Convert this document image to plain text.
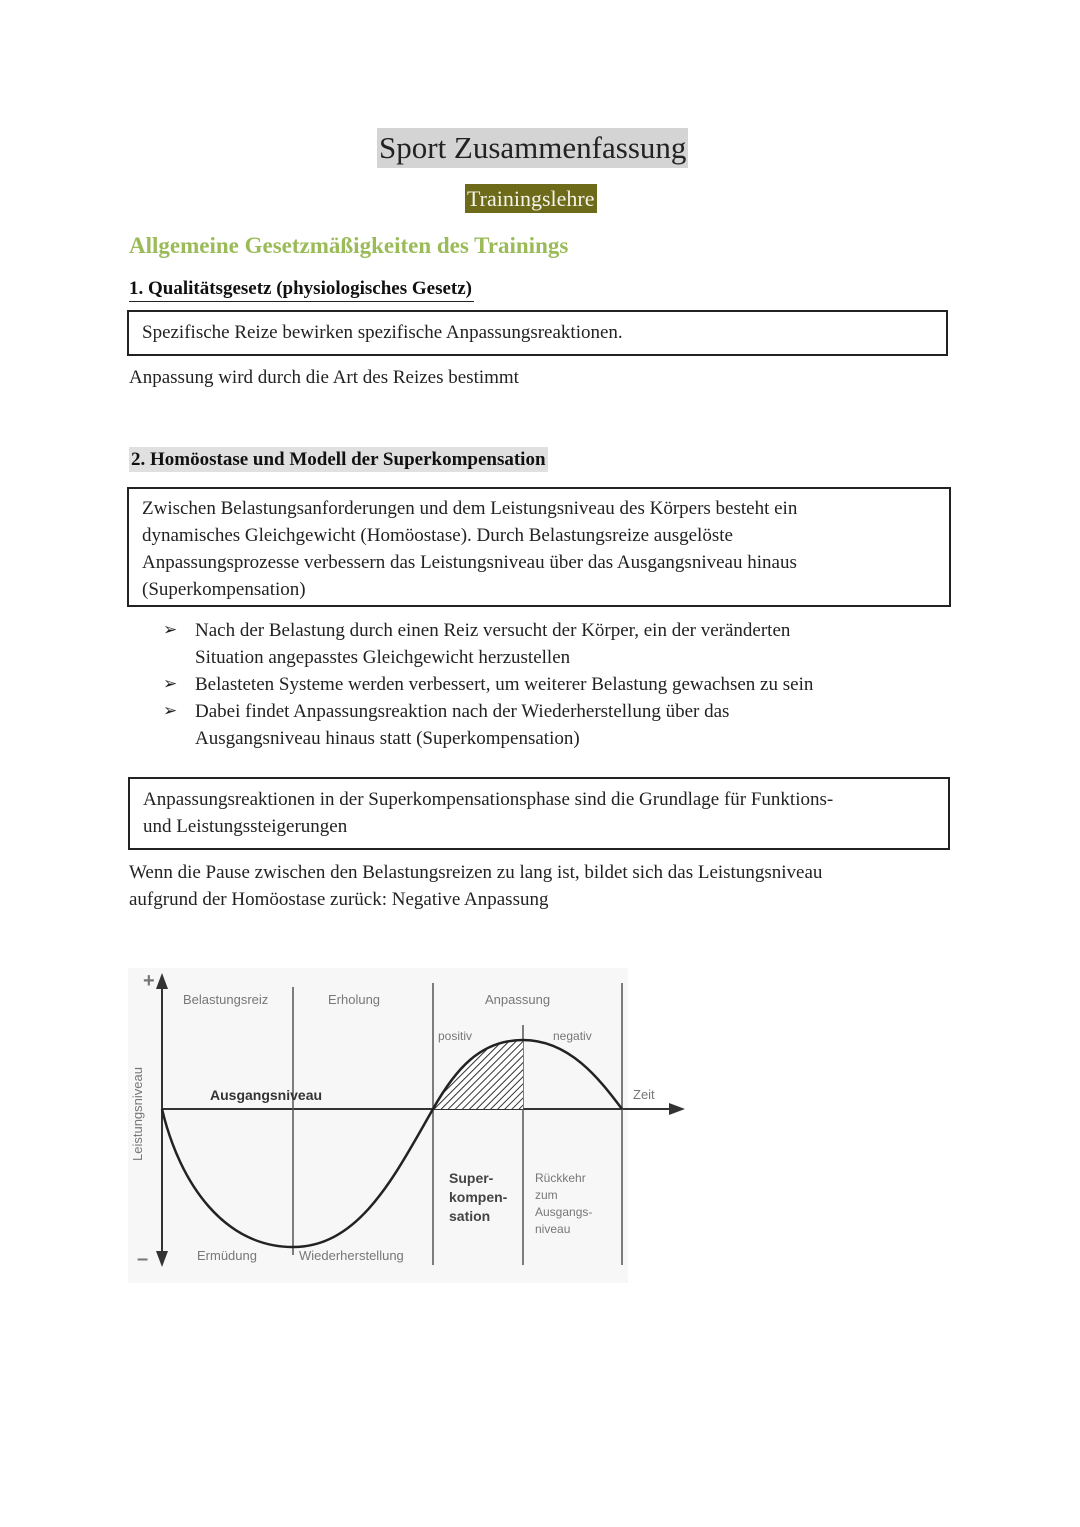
Sport Zusammenfassung
Trainingslehre
Allgemeine Gesetzmäßigkeiten des Trainings
1. Qualitätsgesetz (physiologisches Gesetz)
Spezifische Reize bewirken spezifische Anpassungsreaktionen.
Anpassung wird durch die Art des Reizes bestimmt
2. Homöostase und Modell der Superkompensation
Zwischen Belastungsanforderungen und dem Leistungsniveau des Körpers besteht ein
dynamisches Gleichgewicht (Homöostase). Durch Belastungsreize ausgelöste
Anpassungsprozesse verbessern das Leistungsniveau über das Ausgangsniveau hinaus
(Superkompensation)
➢ Nach der Belastung durch einen Reiz versucht der Körper, ein der veränderten
Situation angepasstes Gleichgewicht herzustellen
➢ Belasteten Systeme werden verbessert, um weiterer Belastung gewachsen zu sein
➢ Dabei findet Anpassungsreaktion nach der Wiederherstellung über das
Ausgangsniveau hinaus statt (Superkompensation)
Anpassungsreaktionen in der Superkompensationsphase sind die Grundlage für Funktions-
und Leistungssteigerungen
Wenn die Pause zwischen den Belastungsreizen zu lang ist, bildet sich das Leistungsniveau
aufgrund der Homöostase zurück: Negative Anpassung
+
–
Leistungsniveau	Zeit
Ausgangsniveau
Belastungsreiz	Erholung	Anpassung
positiv	negativ
Ermüdung	Wiederherstellung
Super-
kompen-
sation
Rückkehr
zum
Ausgangs-
niveau
